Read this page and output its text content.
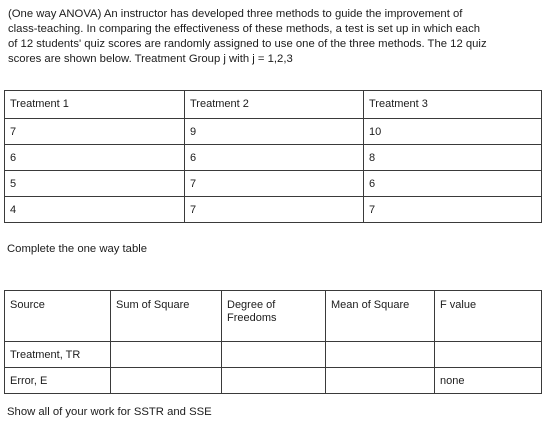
(One way ANOVA) An instructor has developed three methods to guide the improvement of
class-teaching. In comparing the effectiveness of these methods, a test is set up in which each
of 12 students' quiz scores are randomly assigned to use one of the three methods. The 12 quiz
scores are shown below. Treatment Group j with j = 1,2,3
Treatment 1	Treatment 2	Treatment 3
7	9	10
6	6	8
5	7	6
4	7	7
Complete the one way table
Source	Sum of Square	Degree of Freedoms	Mean of Square	F value
Treatment, TR				
Error, E				none
Show all of your work for SSTR and SSE
